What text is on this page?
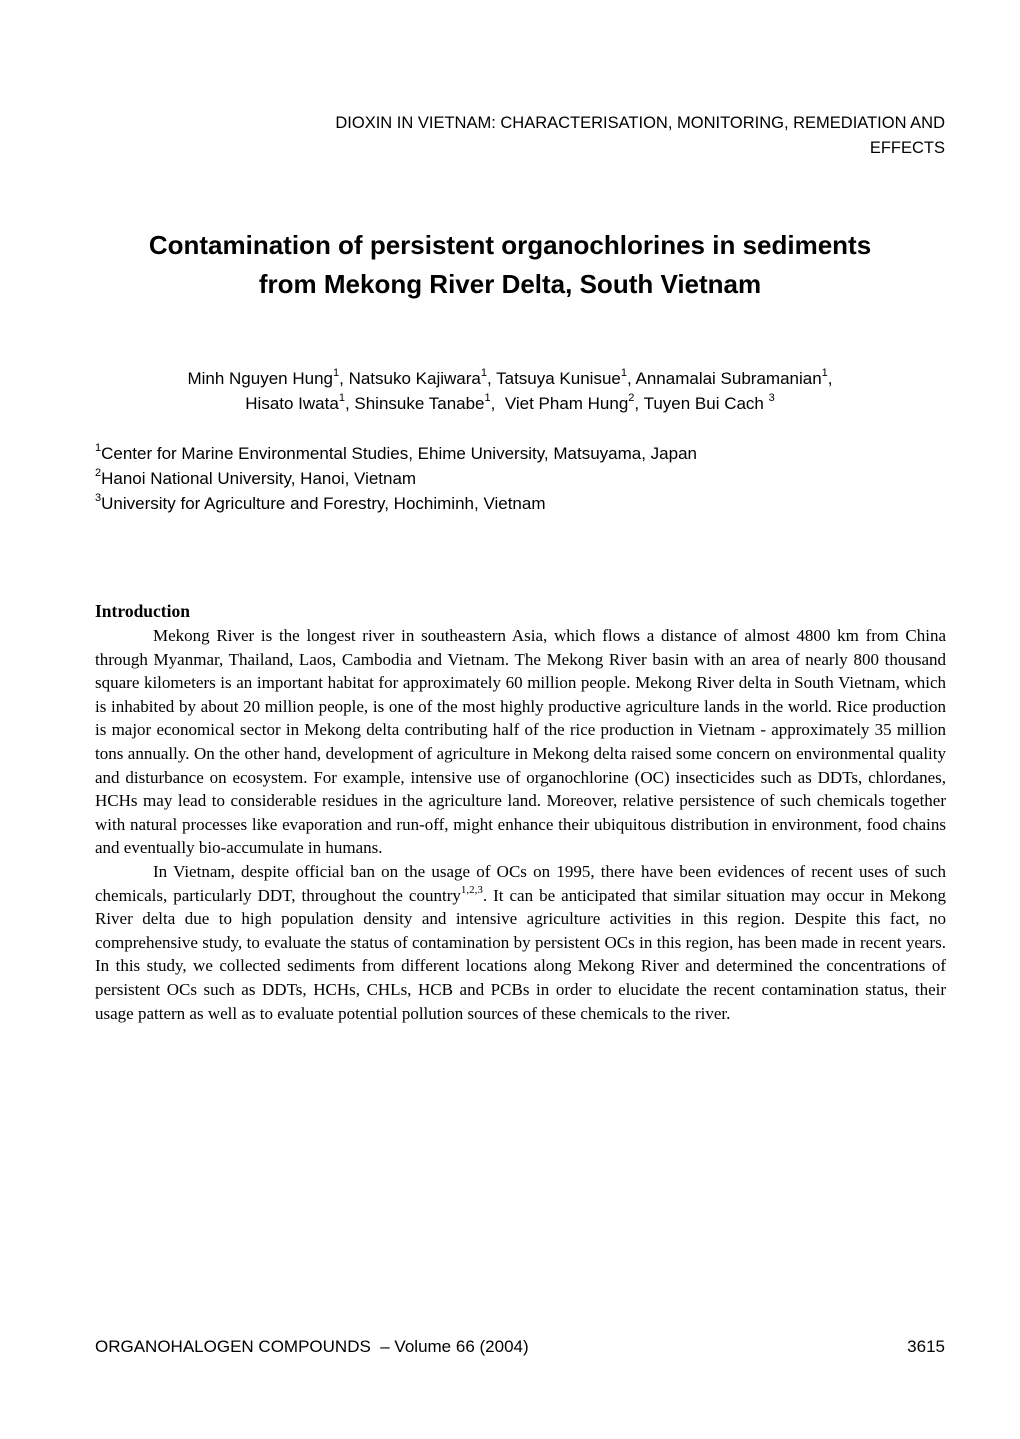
DIOXIN IN VIETNAM: CHARACTERISATION, MONITORING, REMEDIATION AND
EFFECTS
Contamination of persistent organochlorines in sediments
from Mekong River Delta, South Vietnam
Minh Nguyen Hung$^1$, Natsuko Kajiwara$^1$, Tatsuya Kunisue$^1$, Annamalai Subramanian$^1$,
Hisato Iwata$^1$, Shinsuke Tanabe$^1$,  Viet Pham Hung$^2$, Tuyen Bui Cach $^3$
$^1$Center for Marine Environmental Studies, Ehime University, Matsuyama, Japan
$^2$Hanoi National University, Hanoi, Vietnam
$^3$University for Agriculture and Forestry, Hochiminh, Vietnam
Introduction

Mekong River is the longest river in southeastern Asia, which flows a distance of almost 4800 km from China through Myanmar, Thailand, Laos, Cambodia and Vietnam. The Mekong River basin with an area of nearly 800 thousand square kilometers is an important habitat for approximately 60 million people. Mekong River delta in South Vietnam, which is inhabited by about 20 million people, is one of the most highly productive agriculture lands in the world. Rice production is major economical sector in Mekong delta contributing half of the rice production in Vietnam - approximately 35 million tons annually. On the other hand, development of agriculture in Mekong delta raised some concern on environmental quality and disturbance on ecosystem. For example, intensive use of organochlorine (OC) insecticides such as DDTs, chlordanes, HCHs may lead to considerable residues in the agriculture land. Moreover, relative persistence of such chemicals together with natural processes like evaporation and run-off, might enhance their ubiquitous distribution in environment, food chains and eventually bio-accumulate in humans.

In Vietnam, despite official ban on the usage of OCs on 1995, there have been evidences of recent uses of such chemicals, particularly DDT, throughout the country$^{1,2,3}$. It can be anticipated that similar situation may occur in Mekong River delta due to high population density and intensive agriculture activities in this region. Despite this fact, no comprehensive study, to evaluate the status of contamination by persistent OCs in this region, has been made in recent years. In this study, we collected sediments from different locations along Mekong River and determined the concentrations of persistent OCs such as DDTs, HCHs, CHLs, HCB and PCBs in order to elucidate the recent contamination status, their usage pattern as well as to evaluate potential pollution sources of these chemicals to the river.

ORGANOHALOGEN COMPOUNDS  – Volume 66 (2004)	3615
